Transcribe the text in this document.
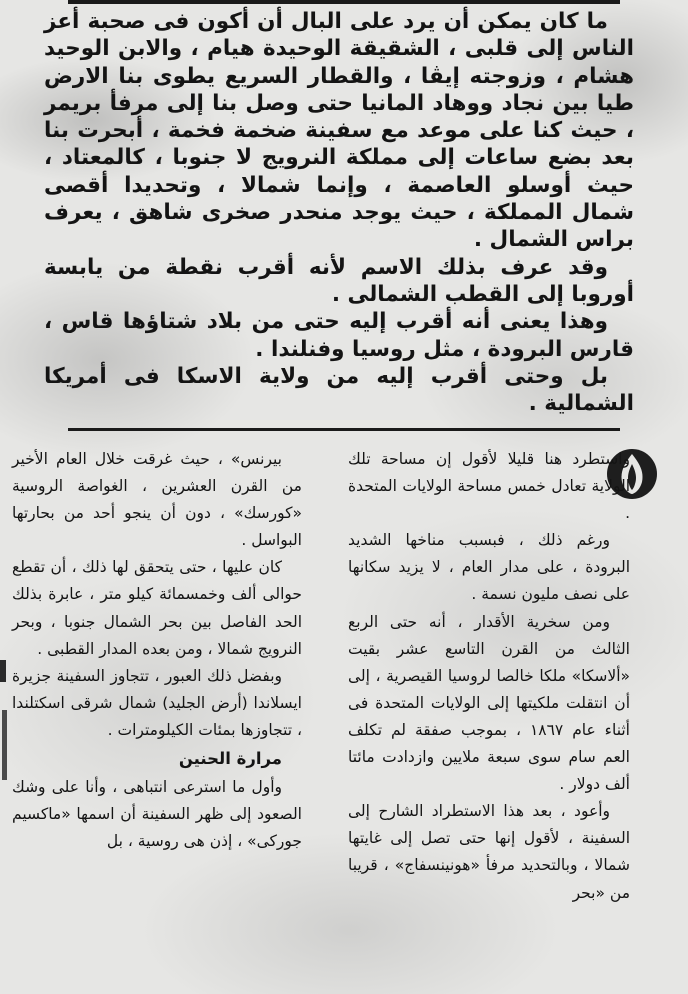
ما كان يمكن أن يرد على البال أن أكون فى صحبة أعز الناس إلى قلبى ، الشقيقة الوحيدة هيام ، والابن الوحيد هشام ، وزوجته إيڤا ، والقطار السريع يطوى بنا الارض طيا بين نجاد ووهاد المانيا حتى وصل بنا إلى مرفأ بريمر ، حيث كنا على موعد مع سفينة ضخمة فخمة ، أبحرت بنا بعد بضع ساعات إلى مملكة النرويج لا جنوبا ، كالمعتاد ، حيث أوسلو العاصمة ، وإنما شمالا ، وتحديدا أقصى شمال المملكة ، حيث يوجد منحدر صخرى شاهق ، يعرف براس الشمال .

وقد عرف بذلك الاسم لأنه أقرب نقطة من يابسة أوروبا إلى القطب الشمالى .

وهذا يعنى أنه أقرب إليه حتى من بلاد شتاؤها قاس ، قارس البرودة ، مثل روسيا وفنلندا .

بل وحتى أقرب إليه من ولاية الاسكا فى أمريكا الشمالية .

واستطرد هنا قليلا لأقول إن مساحة تلك الولاية تعادل خمس مساحة الولايات المتحدة .

ورغم ذلك ، فبسبب مناخها الشديد البرودة ، على مدار العام ، لا يزيد سكانها على نصف مليون نسمة .

ومن سخرية الأقدار ، أنه حتى الربع الثالث من القرن التاسع عشر بقيت «ألاسكا» ملكا خالصا لروسيا القيصرية ، إلى أن انتقلت ملكيتها إلى الولايات المتحدة فى أثناء عام ١٨٦٧ ، بموجب صفقة لم تكلف العم سام سوى سبعة ملايين وازدادت مائتا ألف دولار .

وأعود ، بعد هذا الاستطراد الشارح إلى السفينة ، لأقول إنها حتى تصل إلى غايتها شمالا ، وبالتحديد مرفأ «هونينسفاج» ، قريبا من «بحر

بيرنس» ، حيث غرقت خلال العام الأخير من القرن العشرين ، الغواصة الروسية «كورسك» ، دون أن ينجو أحد من بحارتها البواسل .

كان عليها ، حتى يتحقق لها ذلك ، أن تقطع حوالى ألف وخمسمائة كيلو متر ، عابرة بذلك الحد الفاصل بين بحر الشمال جنوبا ، وبحر النرويج شمالا ، ومن بعده المدار القطبى .

وبفضل ذلك العبور ، تتجاوز السفينة جزيرة ايسلاندا (أرض الجليد) شمال شرقى اسكتلندا ، تتجاوزها بمئات الكيلومترات .

مرارة الحنين

وأول ما استرعى انتباهى ، وأنا على وشك الصعود إلى ظهر السفينة أن اسمها «ماكسيم جوركى» ، إذن هى روسية ، بل
